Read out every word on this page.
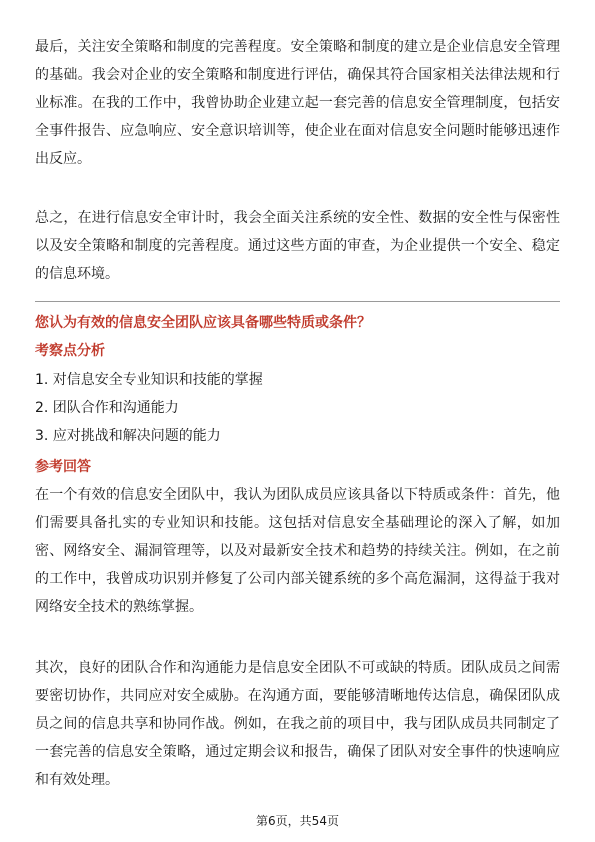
最后，关注安全策略和制度的完善程度。安全策略和制度的建立是企业信息安全管理的基础。我会对企业的安全策略和制度进行评估，确保其符合国家相关法律法规和行业标准。在我的工作中，我曾协助企业建立起一套完善的信息安全管理制度，包括安全事件报告、应急响应、安全意识培训等，使企业在面对信息安全问题时能够迅速作出反应。

总之，在进行信息安全审计时，我会全面关注系统的安全性、数据的安全性与保密性以及安全策略和制度的完善程度。通过这些方面的审查，为企业提供一个安全、稳定的信息环境。

您认为有效的信息安全团队应该具备哪些特质或条件？

考察点分析

1. 对信息安全专业知识和技能的掌握
2. 团队合作和沟通能力
3. 应对挑战和解决问题的能力

参考回答

在一个有效的信息安全团队中，我认为团队成员应该具备以下特质或条件：首先，他们需要具备扎实的专业知识和技能。这包括对信息安全基础理论的深入了解，如加密、网络安全、漏洞管理等，以及对最新安全技术和趋势的持续关注。例如，在之前的工作中，我曾成功识别并修复了公司内部关键系统的多个高危漏洞，这得益于我对网络安全技术的熟练掌握。

其次，良好的团队合作和沟通能力是信息安全团队不可或缺的特质。团队成员之间需要密切协作，共同应对安全威胁。在沟通方面，要能够清晰地传达信息，确保团队成员之间的信息共享和协同作战。例如，在我之前的项目中，我与团队成员共同制定了一套完善的信息安全策略，通过定期会议和报告，确保了团队对安全事件的快速响应和有效处理。

第6页，共54页
